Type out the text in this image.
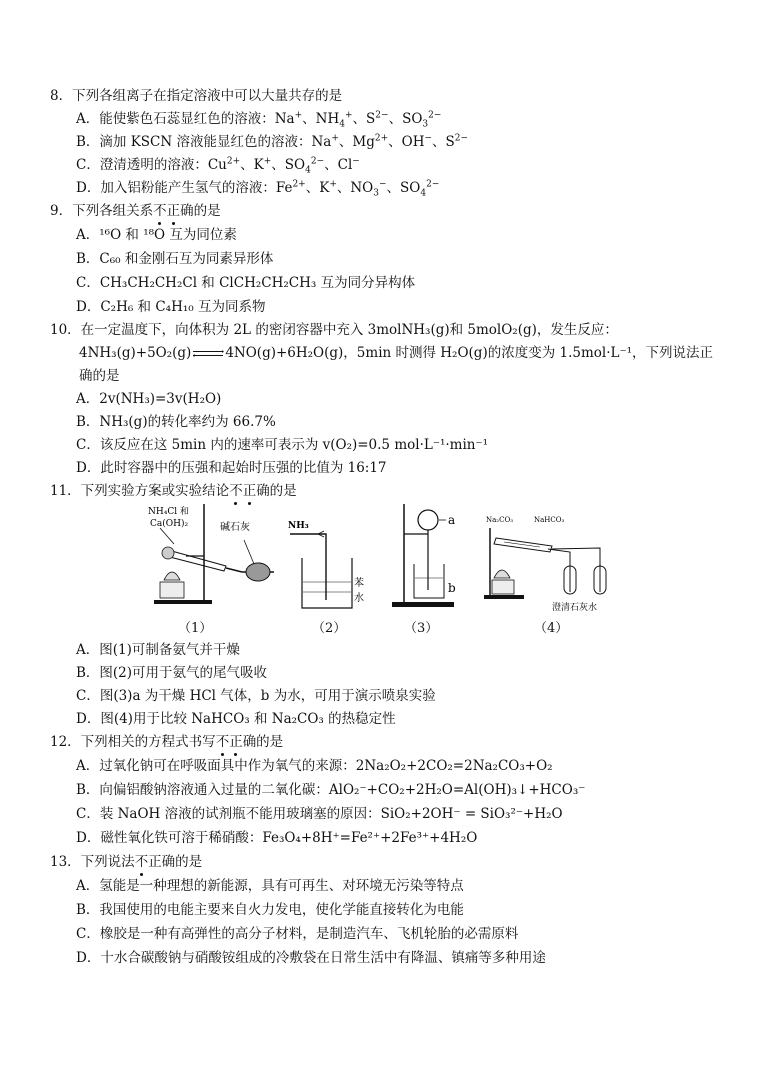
8．下列各组离子在指定溶液中可以大量共存的是
A．能使紫色石蕊显红色的溶液：Na+、$NH_4^+$、$S^{2-}$、$SO_3^{2-}$
B．滴加 KSCN 溶液能显红色的溶液：Na+、$Mg^{2+}$、OH−、$S^{2-}$
C．澄清透明的溶液：$Cu^{2+}$、K+、$SO_4^{2-}$、Cl−
D．加入铝粉能产生氢气的溶液：$Fe^{2+}$、K+、$NO_3^-$、$SO_4^{2-}$
9．下列各组关系不正确的是
A．¹⁶O 和 ¹⁸O 互为同位素
B．C₆₀ 和金刚石互为同素异形体
C．CH₃CH₂CH₂Cl 和 ClCH₂CH₂CH₃ 互为同分异构体
D．C₂H₆ 和 C₄H₁₀ 互为同系物
10．在一定温度下，向体积为 2L 的密闭容器中充入 3molNH₃(g)和 5molO₂(g)，发生反应：
4NH₃(g)+5O₂(g)	›
‹ 4NO(g)+6H₂O(g)，5min 时测得 H₂O(g)的浓度变为 1.5mol·L⁻¹，下列说法正
确的是
A．2v(NH₃)=3v(H₂O)
B．NH₃(g)的转化率约为 66.7%
C．该反应在这 5min 内的速率可表示为 v(O₂)=0.5 mol·L⁻¹·min⁻¹
D．此时容器中的压强和起始时压强的比值为 16:17
11．下列实验方案或实验结论不正确的是
NH₄Cl 和
Ca(OH)₂	碱石灰	NH₃
苯
水
a
b
Na₂CO₃	NaHCO₃
澄清石灰水
（1）	（2）	（3）	（4）
A．图(1)可制备氨气并干燥
B．图(2)可用于氨气的尾气吸收
C．图(3)a 为干燥 HCl 气体，b 为水，可用于演示喷泉实验
D．图(4)用于比较 NaHCO₃ 和 Na₂CO₃ 的热稳定性
12．下列相关的方程式书写不正确的是
A．过氧化钠可在呼吸面具中作为氧气的来源：2Na₂O₂+2CO₂=2Na₂CO₃+O₂
B．向偏铝酸钠溶液通入过量的二氧化碳：AlO₂⁻+CO₂+2H₂O=Al(OH)₃↓+HCO₃⁻
C．装 NaOH 溶液的试剂瓶不能用玻璃塞的原因：SiO₂+2OH⁻ = SiO₃²⁻+H₂O
D．磁性氧化铁可溶于稀硝酸：Fe₃O₄+8H⁺=Fe²⁺+2Fe³⁺+4H₂O
13．下列说法不正确的是
A．氢能是一种理想的新能源，具有可再生、对环境无污染等特点
B．我国使用的电能主要来自火力发电，使化学能直接转化为电能
C．橡胶是一种有高弹性的高分子材料，是制造汽车、飞机轮胎的必需原料
D．十水合碳酸钠与硝酸铵组成的冷敷袋在日常生活中有降温、镇痛等多种用途
